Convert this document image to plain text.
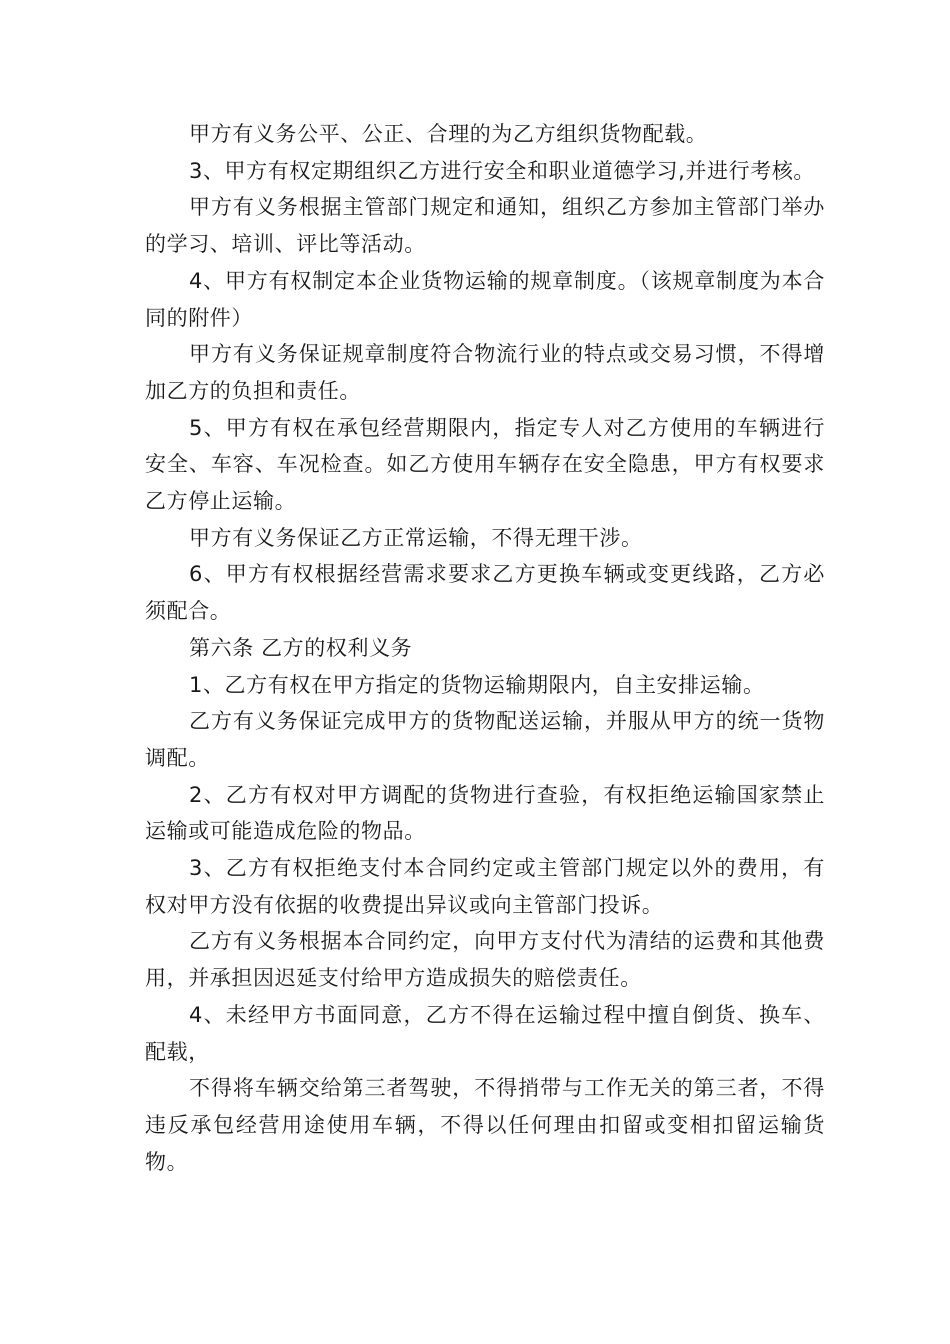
甲方有义务公平、公正、合理的为乙方组织货物配载。

3、甲方有权定期组织乙方进行安全和职业道德学习,并进行考核。

甲方有义务根据主管部门规定和通知，组织乙方参加主管部门举办的学习、培训、评比等活动。

4、甲方有权制定本企业货物运输的规章制度。（该规章制度为本合同的附件）

甲方有义务保证规章制度符合物流行业的特点或交易习惯，不得增加乙方的负担和责任。

5、甲方有权在承包经营期限内，指定专人对乙方使用的车辆进行安全、车容、车况检查。如乙方使用车辆存在安全隐患，甲方有权要求乙方停止运输。

甲方有义务保证乙方正常运输，不得无理干涉。

6、甲方有权根据经营需求要求乙方更换车辆或变更线路，乙方必须配合。

第六条 乙方的权利义务

1、乙方有权在甲方指定的货物运输期限内，自主安排运输。

乙方有义务保证完成甲方的货物配送运输，并服从甲方的统一货物调配。

2、乙方有权对甲方调配的货物进行查验，有权拒绝运输国家禁止运输或可能造成危险的物品。

3、乙方有权拒绝支付本合同约定或主管部门规定以外的费用，有权对甲方没有依据的收费提出异议或向主管部门投诉。

乙方有义务根据本合同约定，向甲方支付代为清结的运费和其他费用，并承担因迟延支付给甲方造成损失的赔偿责任。

4、未经甲方书面同意，乙方不得在运输过程中擅自倒货、换车、配载，

不得将车辆交给第三者驾驶，不得捎带与工作无关的第三者，不得违反承包经营用途使用车辆，不得以任何理由扣留或变相扣留运输货物。
